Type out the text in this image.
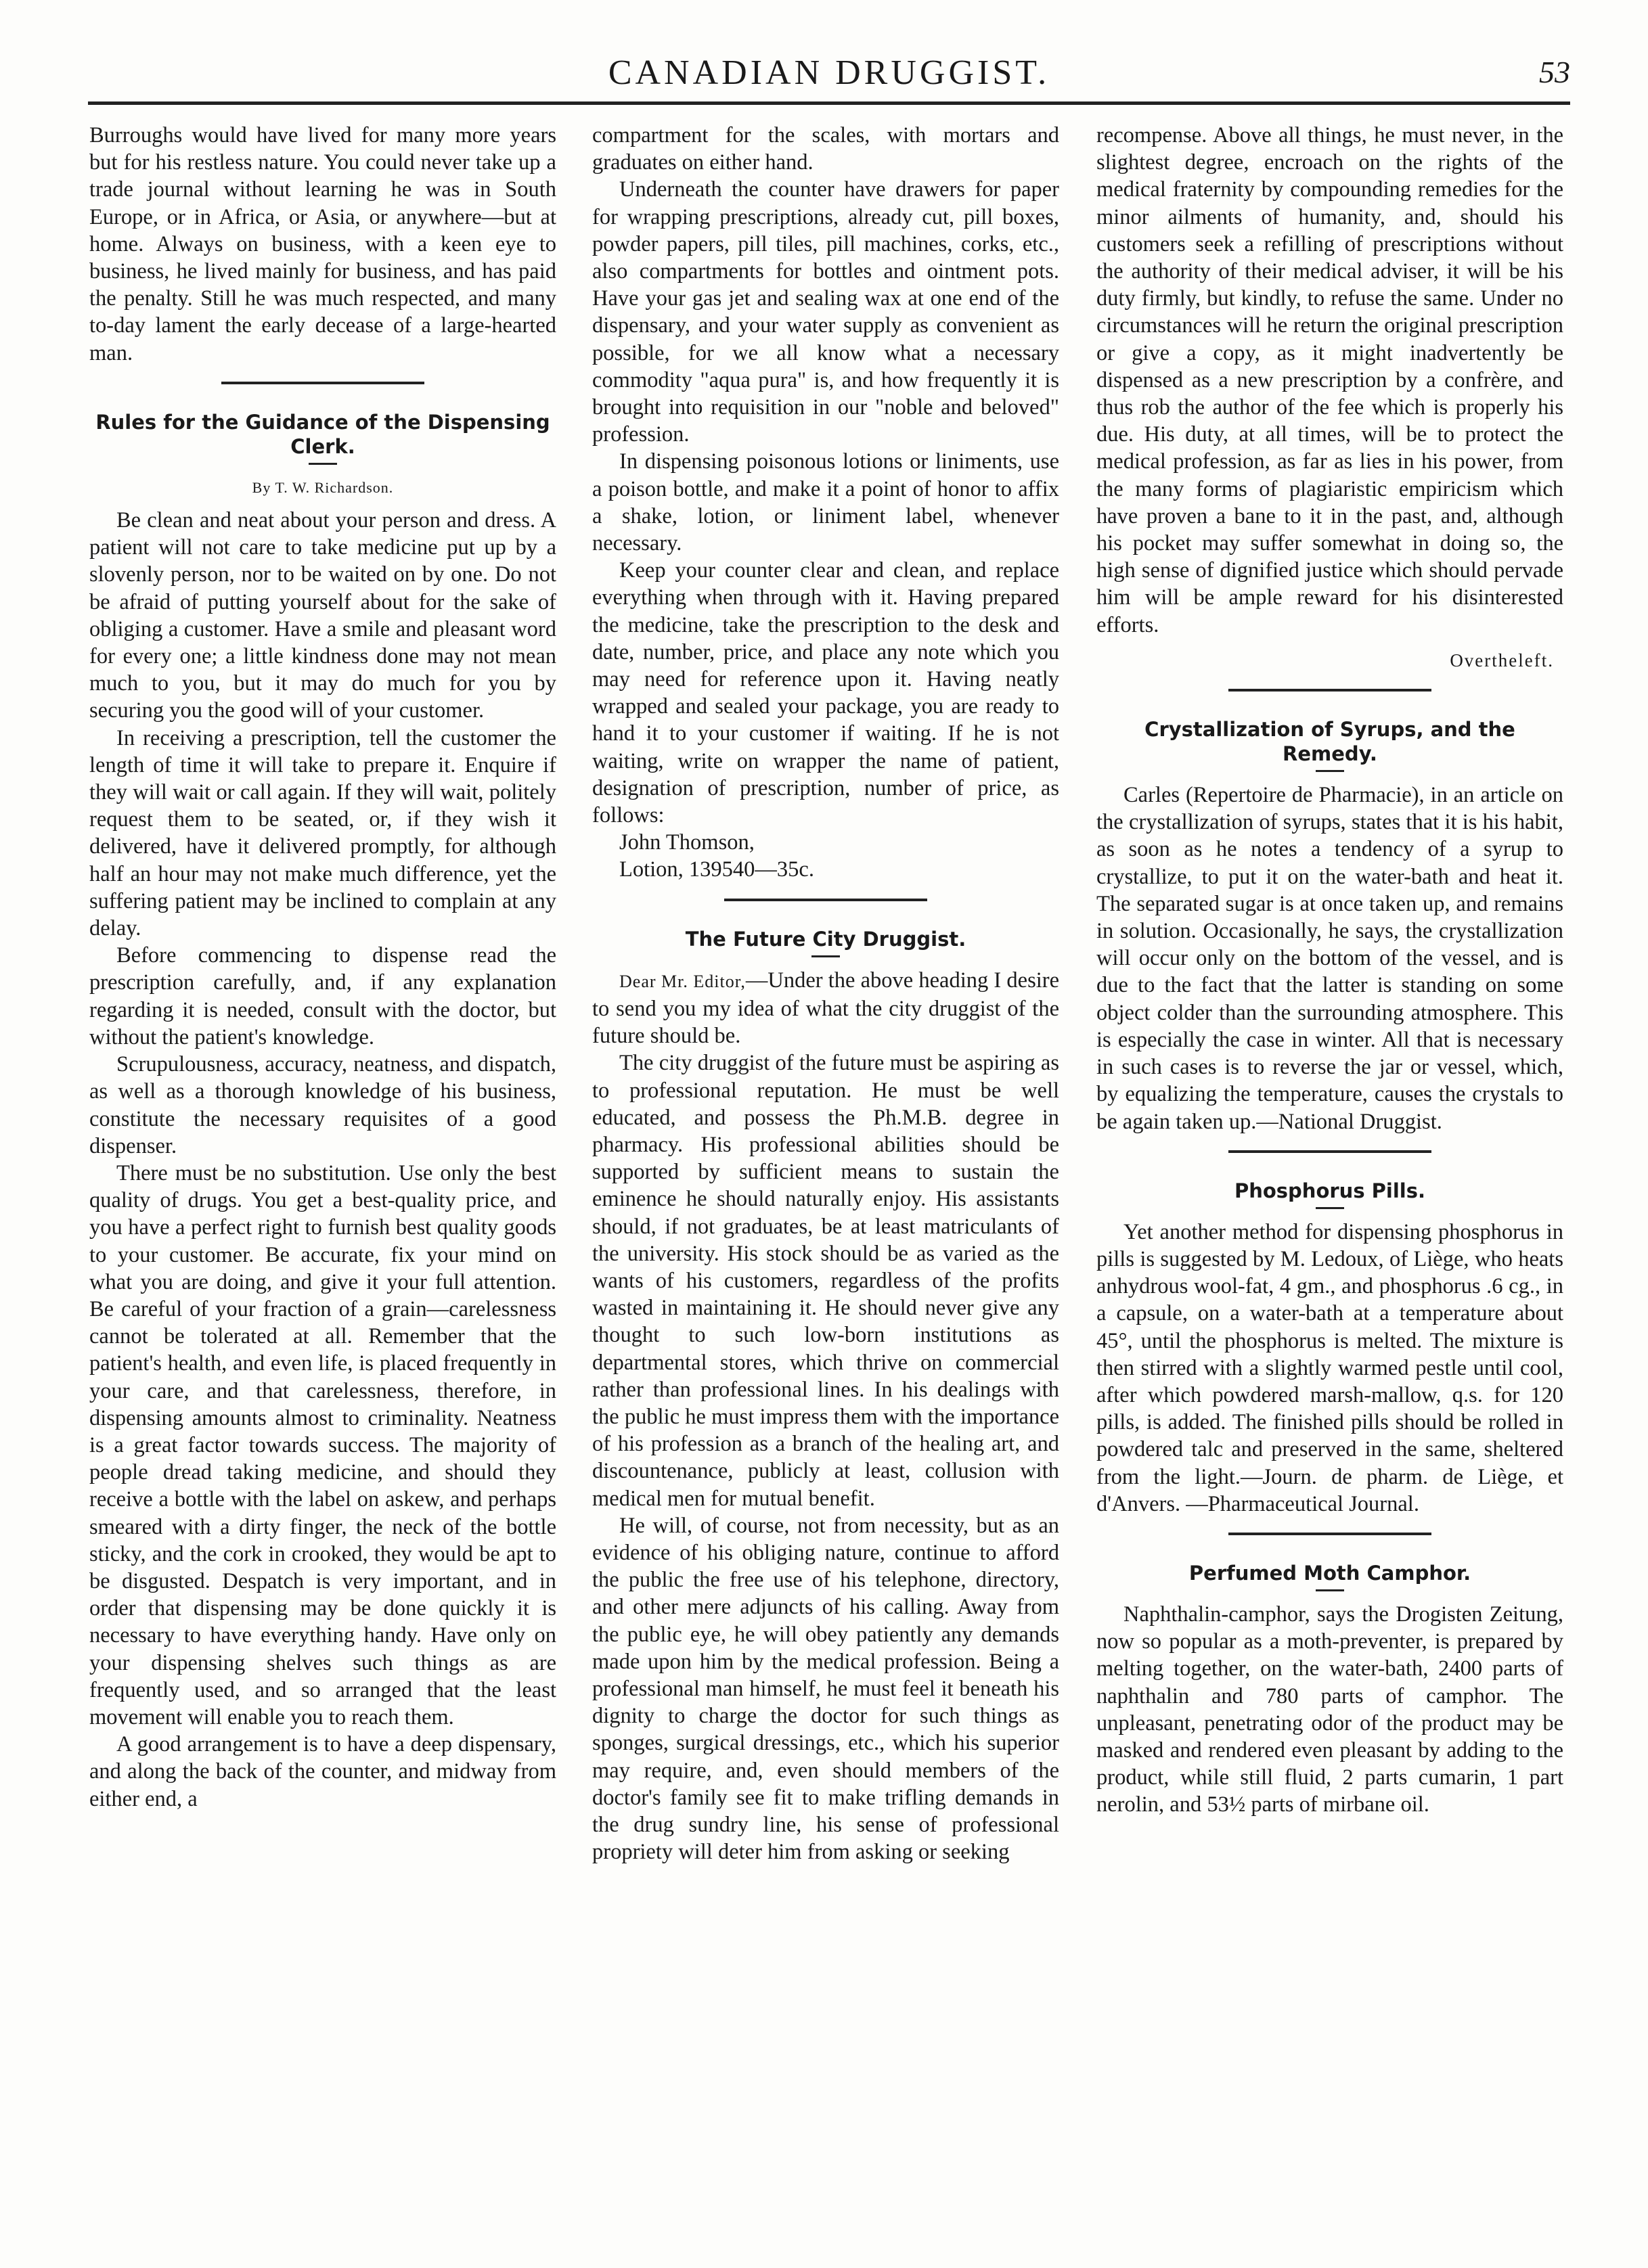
CANADIAN DRUGGIST.	53

Burroughs would have lived for many more years but for his restless nature. You could never take up a trade journal without learning he was in South Europe, or in Africa, or Asia, or anywhere—but at home. Always on business, with a keen eye to business, he lived mainly for business, and has paid the penalty. Still he was much respected, and many to-day lament the early decease of a large-hearted man.

Rules for the Guidance of the Dispensing Clerk.
By T. W. Richardson.

Be clean and neat about your person and dress. A patient will not care to take medicine put up by a slovenly person, nor to be waited on by one. Do not be afraid of putting yourself about for the sake of obliging a customer. Have a smile and pleasant word for every one; a little kindness done may not mean much to you, but it may do much for you by securing you the good will of your customer.

In receiving a prescription, tell the customer the length of time it will take to prepare it. Enquire if they will wait or call again. If they will wait, politely request them to be seated, or, if they wish it delivered, have it delivered promptly, for although half an hour may not make much difference, yet the suffering patient may be inclined to complain at any delay.

Before commencing to dispense read the prescription carefully, and, if any explanation regarding it is needed, consult with the doctor, but without the patient's knowledge.

Scrupulousness, accuracy, neatness, and dispatch, as well as a thorough knowledge of his business, constitute the necessary requisites of a good dispenser.

There must be no substitution. Use only the best quality of drugs. You get a best-quality price, and you have a perfect right to furnish best quality goods to your customer. Be accurate, fix your mind on what you are doing, and give it your full attention. Be careful of your fraction of a grain—carelessness cannot be tolerated at all. Remember that the patient's health, and even life, is placed frequently in your care, and that carelessness, therefore, in dispensing amounts almost to criminality. Neatness is a great factor towards success. The majority of people dread taking medicine, and should they receive a bottle with the label on askew, and perhaps smeared with a dirty finger, the neck of the bottle sticky, and the cork in crooked, they would be apt to be disgusted. Despatch is very important, and in order that dispensing may be done quickly it is necessary to have everything handy. Have only on your dispensing shelves such things as are frequently used, and so arranged that the least movement will enable you to reach them.

A good arrangement is to have a deep dispensary, and along the back of the counter, and midway from either end, a

compartment for the scales, with mortars and graduates on either hand.

Underneath the counter have drawers for paper for wrapping prescriptions, already cut, pill boxes, powder papers, pill tiles, pill machines, corks, etc., also compartments for bottles and ointment pots. Have your gas jet and sealing wax at one end of the dispensary, and your water supply as convenient as possible, for we all know what a necessary commodity "aqua pura" is, and how frequently it is brought into requisition in our "noble and beloved" profession.

In dispensing poisonous lotions or liniments, use a poison bottle, and make it a point of honor to affix a shake, lotion, or liniment label, whenever necessary.

Keep your counter clear and clean, and replace everything when through with it. Having prepared the medicine, take the prescription to the desk and date, number, price, and place any note which you may need for reference upon it. Having neatly wrapped and sealed your package, you are ready to hand it to your customer if waiting. If he is not waiting, write on wrapper the name of patient, designation of prescription, number of price, as follows:

John Thomson,

Lotion, 139540—35c.

The Future City Druggist.

Dear Mr. Editor,—Under the above heading I desire to send you my idea of what the city druggist of the future should be.

The city druggist of the future must be aspiring as to professional reputation. He must be well educated, and possess the Ph.M.B. degree in pharmacy. His professional abilities should be supported by sufficient means to sustain the eminence he should naturally enjoy. His assistants should, if not graduates, be at least matriculants of the university. His stock should be as varied as the wants of his customers, regardless of the profits wasted in maintaining it. He should never give any thought to such low-born institutions as departmental stores, which thrive on commercial rather than professional lines. In his dealings with the public he must impress them with the importance of his profession as a branch of the healing art, and discountenance, publicly at least, collusion with medical men for mutual benefit.

He will, of course, not from necessity, but as an evidence of his obliging nature, continue to afford the public the free use of his telephone, directory, and other mere adjuncts of his calling. Away from the public eye, he will obey patiently any demands made upon him by the medical profession. Being a professional man himself, he must feel it beneath his dignity to charge the doctor for such things as sponges, surgical dressings, etc., which his superior may require, and, even should members of the doctor's family see fit to make trifling demands in the drug sundry line, his sense of professional propriety will deter him from asking or seeking

recompense. Above all things, he must never, in the slightest degree, encroach on the rights of the medical fraternity by compounding remedies for the minor ailments of humanity, and, should his customers seek a refilling of prescriptions without the authority of their medical adviser, it will be his duty firmly, but kindly, to refuse the same. Under no circumstances will he return the original prescription or give a copy, as it might inadvertently be dispensed as a new prescription by a confrère, and thus rob the author of the fee which is properly his due. His duty, at all times, will be to protect the medical profession, as far as lies in his power, from the many forms of plagiaristic empiricism which have proven a bane to it in the past, and, although his pocket may suffer somewhat in doing so, the high sense of dignified justice which should pervade him will be ample reward for his disinterested efforts.

Overtheleft.
Crystallization of Syrups, and the Remedy.

Carles (Repertoire de Pharmacie), in an article on the crystallization of syrups, states that it is his habit, as soon as he notes a tendency of a syrup to crystallize, to put it on the water-bath and heat it. The separated sugar is at once taken up, and remains in solution. Occasionally, he says, the crystallization will occur only on the bottom of the vessel, and is due to the fact that the latter is standing on some object colder than the surrounding atmosphere. This is especially the case in winter. All that is necessary in such cases is to reverse the jar or vessel, which, by equalizing the temperature, causes the crystals to be again taken up.—National Druggist.

Phosphorus Pills.

Yet another method for dispensing phosphorus in pills is suggested by M. Ledoux, of Liège, who heats anhydrous wool-fat, 4 gm., and phosphorus .6 cg., in a capsule, on a water-bath at a temperature about 45°, until the phosphorus is melted. The mixture is then stirred with a slightly warmed pestle until cool, after which powdered marsh-mallow, q.s. for 120 pills, is added. The finished pills should be rolled in powdered talc and preserved in the same, sheltered from the light.—Journ. de pharm. de Liège, et d'Anvers. —Pharmaceutical Journal.

Perfumed Moth Camphor.

Naphthalin-camphor, says the Drogisten Zeitung, now so popular as a moth-preventer, is prepared by melting together, on the water-bath, 2400 parts of naphthalin and 780 parts of camphor. The unpleasant, penetrating odor of the product may be masked and rendered even pleasant by adding to the product, while still fluid, 2 parts cumarin, 1 part nerolin, and 53½ parts of mirbane oil.
